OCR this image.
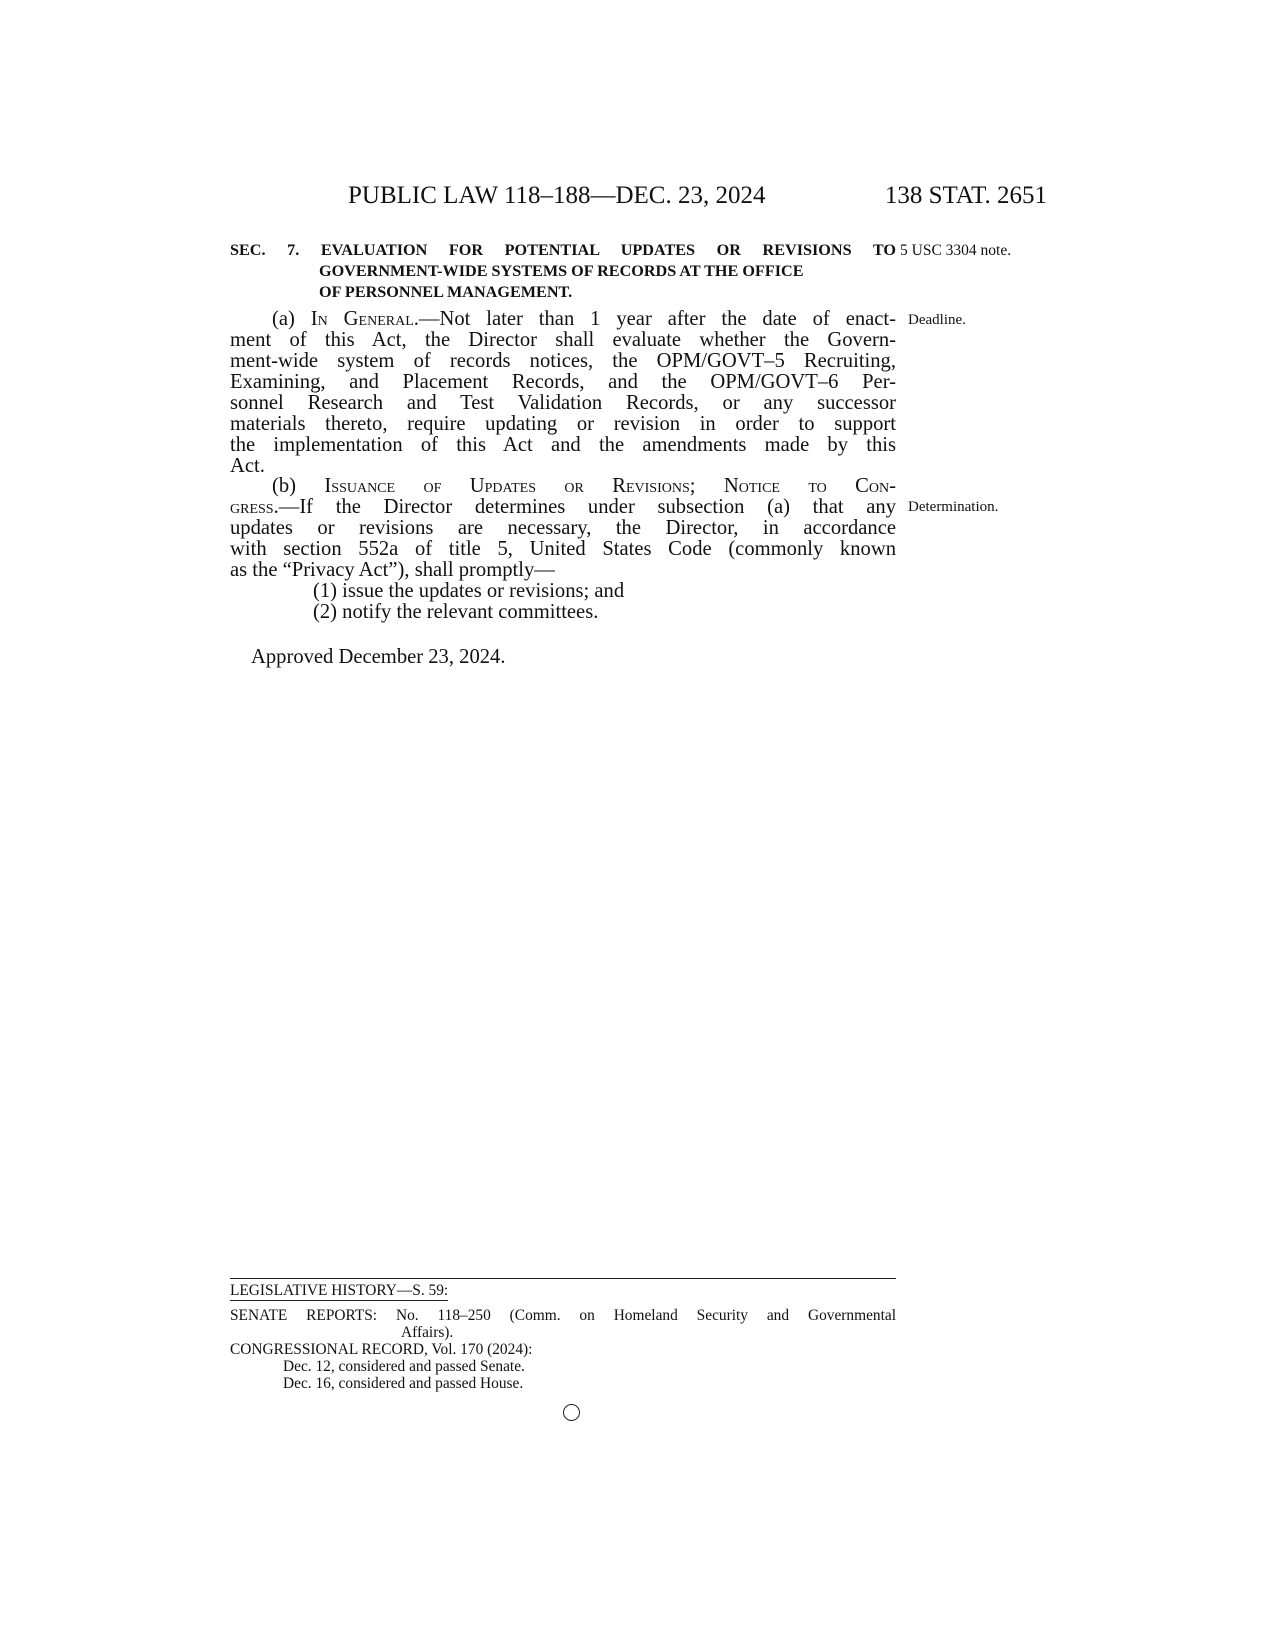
PUBLIC LAW 118–188—DEC. 23, 2024	138 STAT. 2651
SEC. 7. EVALUATION FOR POTENTIAL UPDATES OR REVISIONS TO
GOVERNMENT-WIDE SYSTEMS OF RECORDS AT THE OFFICE
OF PERSONNEL MANAGEMENT.
5 USC 3304 note.
Deadline.
Determination.
(a) In General.—Not later than 1 year after the date of enact-
ment of this Act, the Director shall evaluate whether the Govern-
ment-wide system of records notices, the OPM/GOVT–5 Recruiting,
Examining, and Placement Records, and the OPM/GOVT–6 Per-
sonnel Research and Test Validation Records, or any successor
materials thereto, require updating or revision in order to support
the implementation of this Act and the amendments made by this
Act.
(b) Issuance of Updates or Revisions; Notice to Con-
gress.—If the Director determines under subsection (a) that any
updates or revisions are necessary, the Director, in accordance
with section 552a of title 5, United States Code (commonly known
as the “Privacy Act”), shall promptly—
(1) issue the updates or revisions; and
(2) notify the relevant committees.
Approved December 23, 2024.
LEGISLATIVE HISTORY—S. 59:
SENATE REPORTS: No. 118–250 (Comm. on Homeland Security and Governmental
Affairs).
CONGRESSIONAL RECORD, Vol. 170 (2024):
Dec. 12, considered and passed Senate.
Dec. 16, considered and passed House.
